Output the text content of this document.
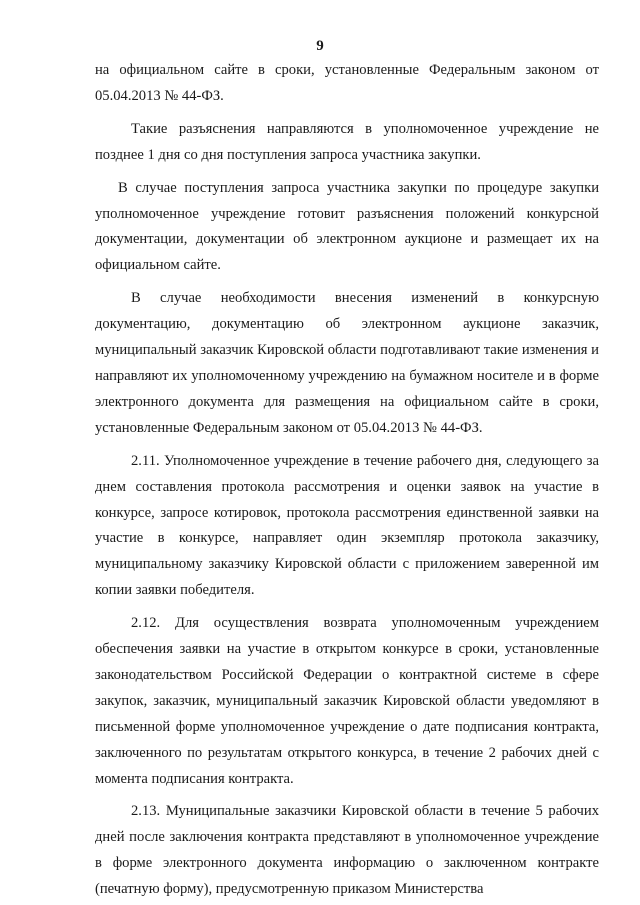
9

на официальном сайте в сроки, установленные Федеральным законом от 05.04.2013 № 44-ФЗ.

Такие разъяснения направляются в уполномоченное учреждение не позднее 1 дня со дня поступления запроса участника закупки.

В случае поступления запроса участника закупки по процедуре закупки уполномоченное учреждение готовит разъяснения положений конкурсной документации, документации об электронном аукционе и размещает их на официальном сайте.

В случае необходимости внесения изменений в конкурсную документацию, документацию об электронном аукционе заказчик, муниципальный заказчик Кировской области подготавливают такие изменения и направляют их уполномоченному учреждению на бумажном носителе и в форме электронного документа для размещения на официальном сайте в сроки, установленные Федеральным законом от 05.04.2013 № 44-ФЗ.

2.11. Уполномоченное учреждение в течение рабочего дня, следующего за днем составления протокола рассмотрения и оценки заявок на участие в конкурсе, запросе котировок, протокола рассмотрения единственной заявки на участие в конкурсе, направляет один экземпляр протокола заказчику, муниципальному заказчику Кировской области с приложением заверенной им копии заявки победителя.

2.12. Для осуществления возврата уполномоченным учреждением обеспечения заявки на участие в открытом конкурсе в сроки, установленные законодательством Российской Федерации о контрактной системе в сфере закупок, заказчик, муниципальный заказчик Кировской области уведомляют в письменной форме уполномоченное учреждение о дате подписания контракта, заключенного по результатам открытого конкурса, в течение 2 рабочих дней с момента подписания контракта.

2.13. Муниципальные заказчики Кировской области в течение 5 рабочих дней после заключения контракта представляют в уполномоченное учреждение в форме электронного документа информацию о заключенном контракте (печатную форму), предусмотренную приказом Министерства
